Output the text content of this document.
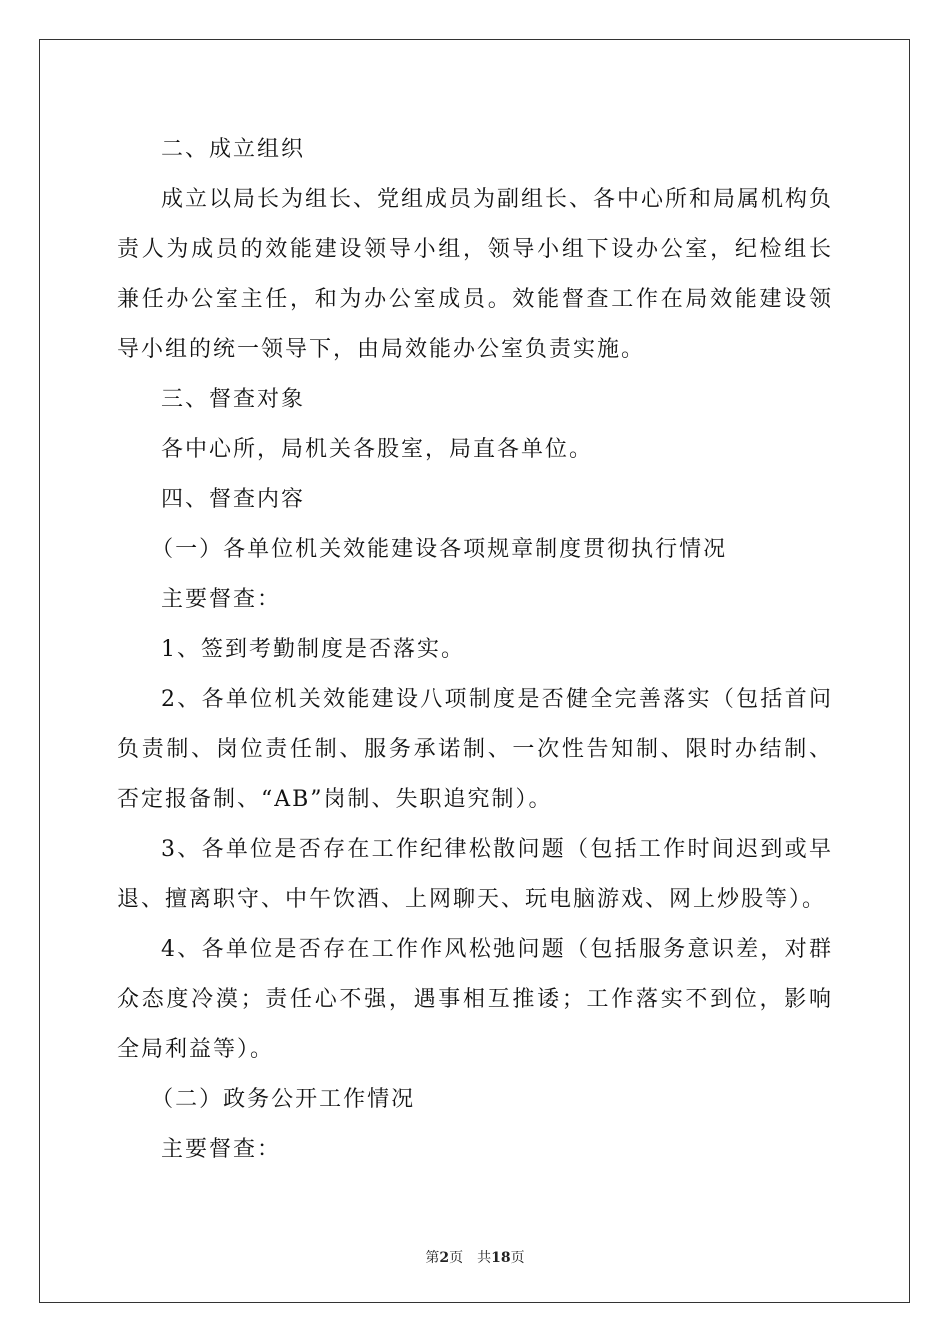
二、成立组织

成立以局长为组长、党组成员为副组长、各中心所和局属机构负责人为成员的效能建设领导小组，领导小组下设办公室，纪检组长兼任办公室主任，和为办公室成员。效能督查工作在局效能建设领导小组的统一领导下，由局效能办公室负责实施。

三、督查对象

各中心所，局机关各股室，局直各单位。

四、督查内容

（一）各单位机关效能建设各项规章制度贯彻执行情况

主要督查：

1、签到考勤制度是否落实。

2、各单位机关效能建设八项制度是否健全完善落实（包括首问负责制、岗位责任制、服务承诺制、一次性告知制、限时办结制、否定报备制、“AB”岗制、失职追究制）。

3、各单位是否存在工作纪律松散问题（包括工作时间迟到或早退、擅离职守、中午饮酒、上网聊天、玩电脑游戏、网上炒股等）。

4、各单位是否存在工作作风松弛问题（包括服务意识差，对群众态度冷漠；责任心不强，遇事相互推诿；工作落实不到位，影响全局利益等）。

（二）政务公开工作情况

主要督查：

第2页 共18页
